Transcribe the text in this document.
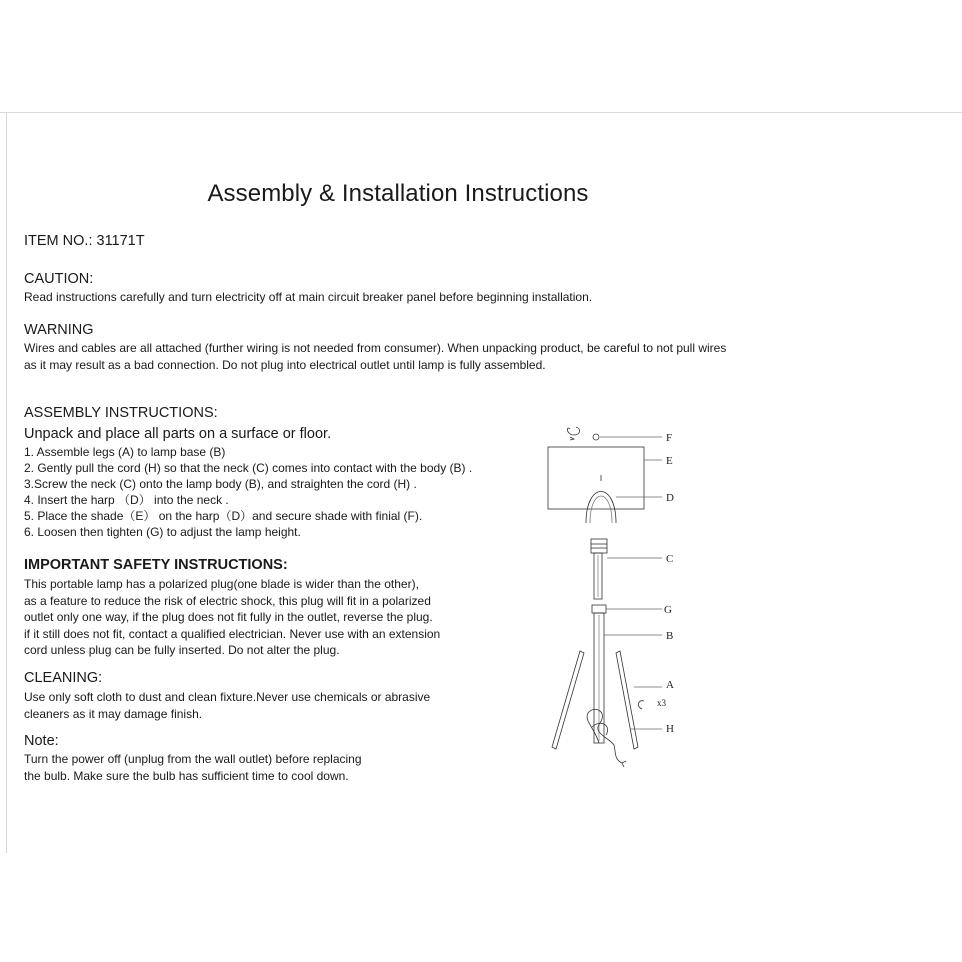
Assembly & Installation Instructions
ITEM NO.: 31171T
CAUTION:
Read instructions carefully and turn electricity off at main circuit breaker panel before beginning installation.
WARNING
Wires and cables are all attached (further wiring is not needed from consumer). When unpacking product, be careful to not pull wires
as it may result as a bad connection. Do not plug into electrical outlet until lamp is fully assembled.
ASSEMBLY INSTRUCTIONS:
Unpack and place all parts on a surface or floor.
1. Assemble legs (A) to lamp base (B)
2. Gently pull the cord (H) so that the neck (C) comes into contact with the body (B) .
3.Screw the neck (C) onto the lamp body (B), and straighten the cord (H) .
4. Insert the harp （D） into the neck .
5. Place the shade（E） on the harp（D）and secure shade with finial (F).
6. Loosen then tighten (G) to adjust the lamp height.
IMPORTANT SAFETY INSTRUCTIONS:
This portable lamp has a polarized plug(one blade is wider than the other),
as a feature to reduce the risk of electric shock, this plug will fit in a polarized
outlet only one way, if the plug does not fit fully in the outlet, reverse the plug.
if it still does not fit, contact a qualified electrician. Never use with an extension
cord unless plug can be fully inserted. Do not alter the plug.
CLEANING:
Use only soft cloth to dust and clean fixture.Never use chemicals or abrasive
cleaners as it may damage finish.
Note:
Turn the power off (unplug from the wall outlet) before replacing
the bulb. Make sure the bulb has sufficient time to cool down.
F
E
D
C
G
B
A
x3
H
